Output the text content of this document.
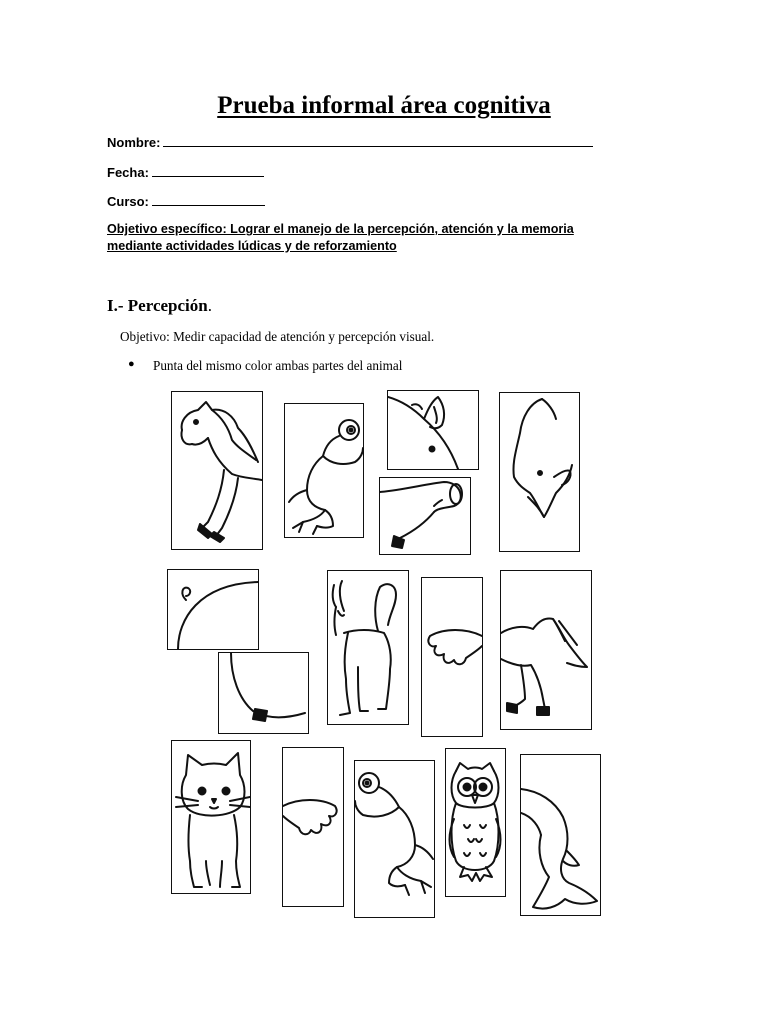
Prueba informal área cognitiva
Nombre:
Fecha:
Curso:
Objetivo específico: Lograr el manejo de la percepción, atención y la memoria mediante actividades lúdicas y de reforzamiento
I.- Percepción.
Objetivo: Medir capacidad de atención y percepción visual.
● Punta del mismo color ambas partes del animal
